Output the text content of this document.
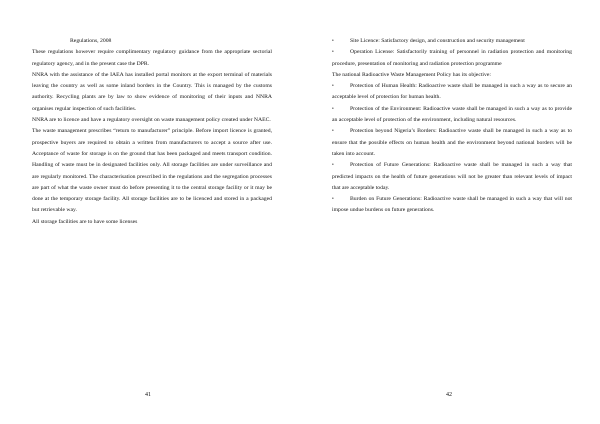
Regulations, 2008

These regulations however require complimentary regulatory guidance from the appropriate sectorial regulatory agency, and in the present case the DPR.

NNRA with the assistance of the IAEA has installed portal monitors at the export terminal of materials leaving the country as well as some inland borders in the Country. This is managed by the customs authority. Recycling plants are by law to show evidence of monitoring of their inputs and NNRA organises regular inspection of such facilities.

NNRA are to licence and have a regulatory oversight on waste management policy created under NAEC.

The waste management prescribes “return to manufacturer” principle. Before import licence is granted, prospective buyers are required to obtain a written from manufacturers to accept a source after use. Acceptance of waste for storage is on the ground that has been packaged and meets transport condition. Handling of waste must be in designated facilities only. All storage facilities are under surveillance and are regularly monitored. The characterisation prescribed in the regulations and the segregation processes are part of what the waste owner must do before presenting it to the central storage facility or it may be done at the temporary storage facility. All storage facilities are to be licenced and stored in a packaged but retrievable way.

All storage facilities are to have some licenses

41

•	Site Licence: Satisfactory design, and construction and security management

•	Operation License: Satisfactorily training of personnel in radiation protection and monitoring procedure, presentation of monitoring and radiation protection programme

The national Radioactive Waste Management Policy has its objective:

•	Protection of Human Health: Radioactive waste shall be managed in such a way as to secure an acceptable level of protection for human health.

•	Protection of the Environment: Radioactive waste shall be managed in such a way as to provide an acceptable level of protection of the environment, including natural resources.

•	Protection beyond Nigeria’s Borders: Radioactive waste shall be managed in such a way as to ensure that the possible effects on human health and the environment beyond national borders will be taken into account.

•	Protection of Future Generations: Radioactive waste shall be managed in such a way that predicted impacts on the health of future generations will not be greater than relevant levels of impact that are acceptable today.

•	Burden on Future Generations: Radioactive waste shall be managed in such a way that will not impose undue burdens on future generations.

42
